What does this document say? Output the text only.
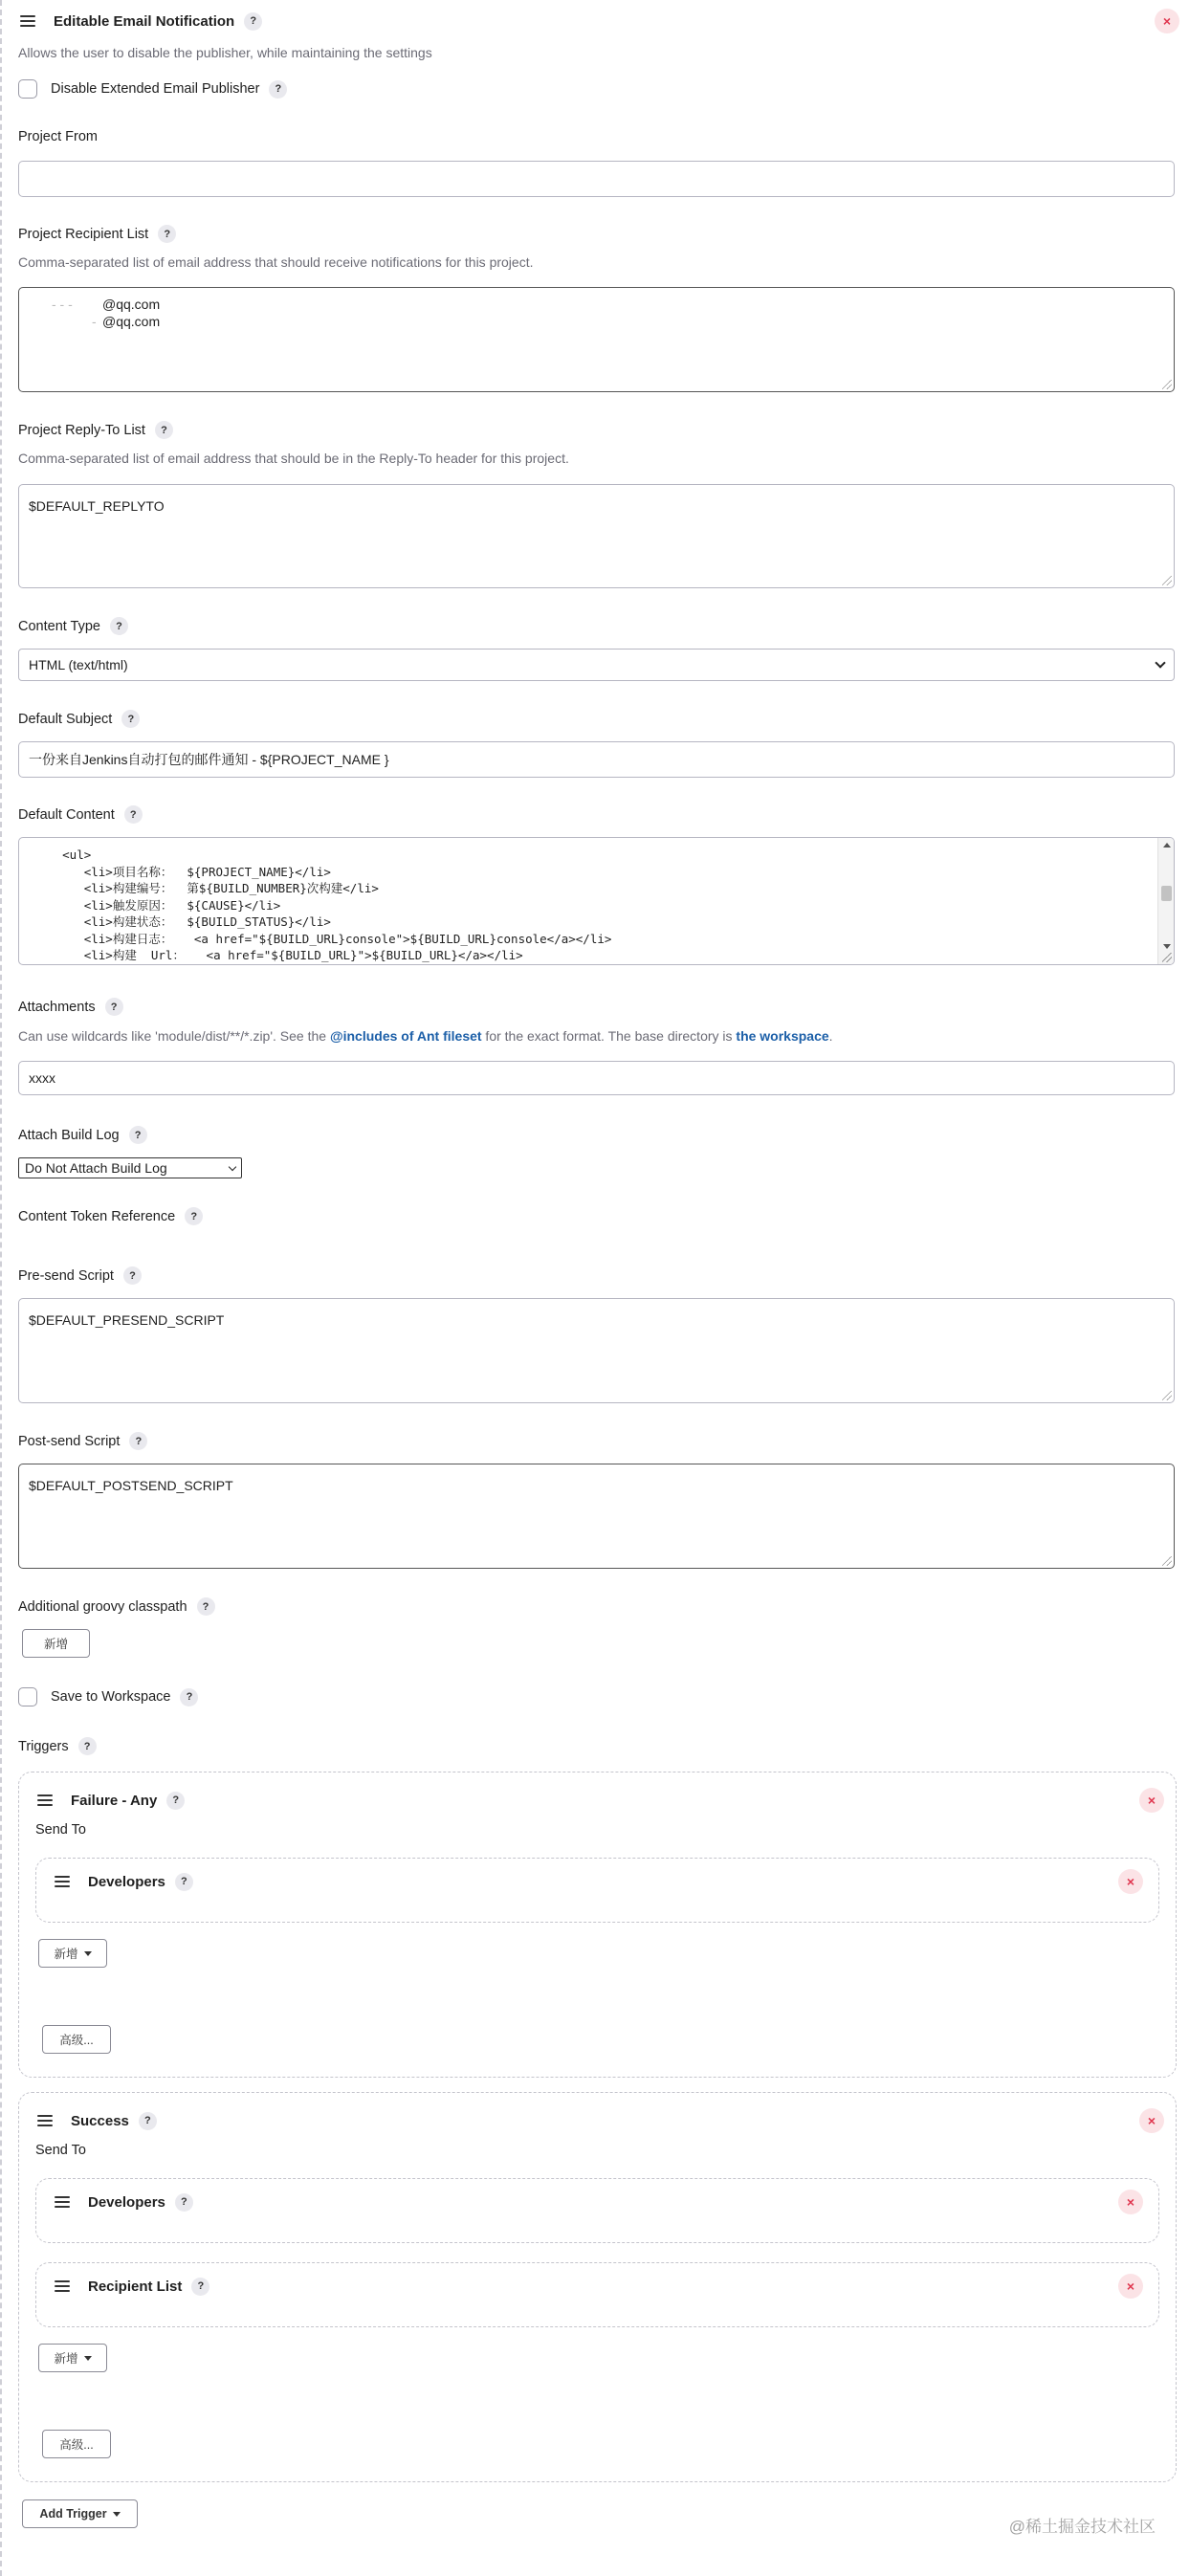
Editable Email Notification	?	×
Allows the user to disable the publisher, while maintaining the settings
Disable Extended Email Publisher	?
Project From
Project Recipient List	?
Comma-separated list of email address that should receive notifications for this project.
- - - @qq.com
-@qq.com
Project Reply-To List	?
Comma-separated list of email address that should be in the Reply-To header for this project.
$DEFAULT_REPLYTO
Content Type	?
HTML (text/html)
Default Subject	?
一份来自Jenkins自动打包的邮件通知 - ${PROJECT_NAME }
Default Content	?
<ul>
<li>项目名称：  ${PROJECT_NAME}</li>
<li>构建编号：  第${BUILD_NUMBER}次构建</li>
<li>触发原因：  ${CAUSE}</li>
<li>构建状态：  ${BUILD_STATUS}</li>
<li>构建日志：   <a href="${BUILD_URL}console">${BUILD_URL}console</a></li>
<li>构建  Url：   <a href="${BUILD_URL}">${BUILD_URL}</a></li>
Attachments	?
Can use wildcards like 'module/dist/**/*.zip'. See the @includes of Ant fileset for the exact format. The base directory is the workspace.
xxxx
Attach Build Log	?
Do Not Attach Build Log
Content Token Reference	?
Pre-send Script	?
$DEFAULT_PRESEND_SCRIPT
Post-send Script	?
$DEFAULT_POSTSEND_SCRIPT
Additional groovy classpath	?
新增
Save to Workspace	?
Triggers	?
Failure - Any	?	×
Send To
Developers	?	×
新增
高级...
Success	?	×
Send To
Developers	?	×
Recipient List	?	×
新增
高级...
Add Trigger
@稀土掘金技术社区
